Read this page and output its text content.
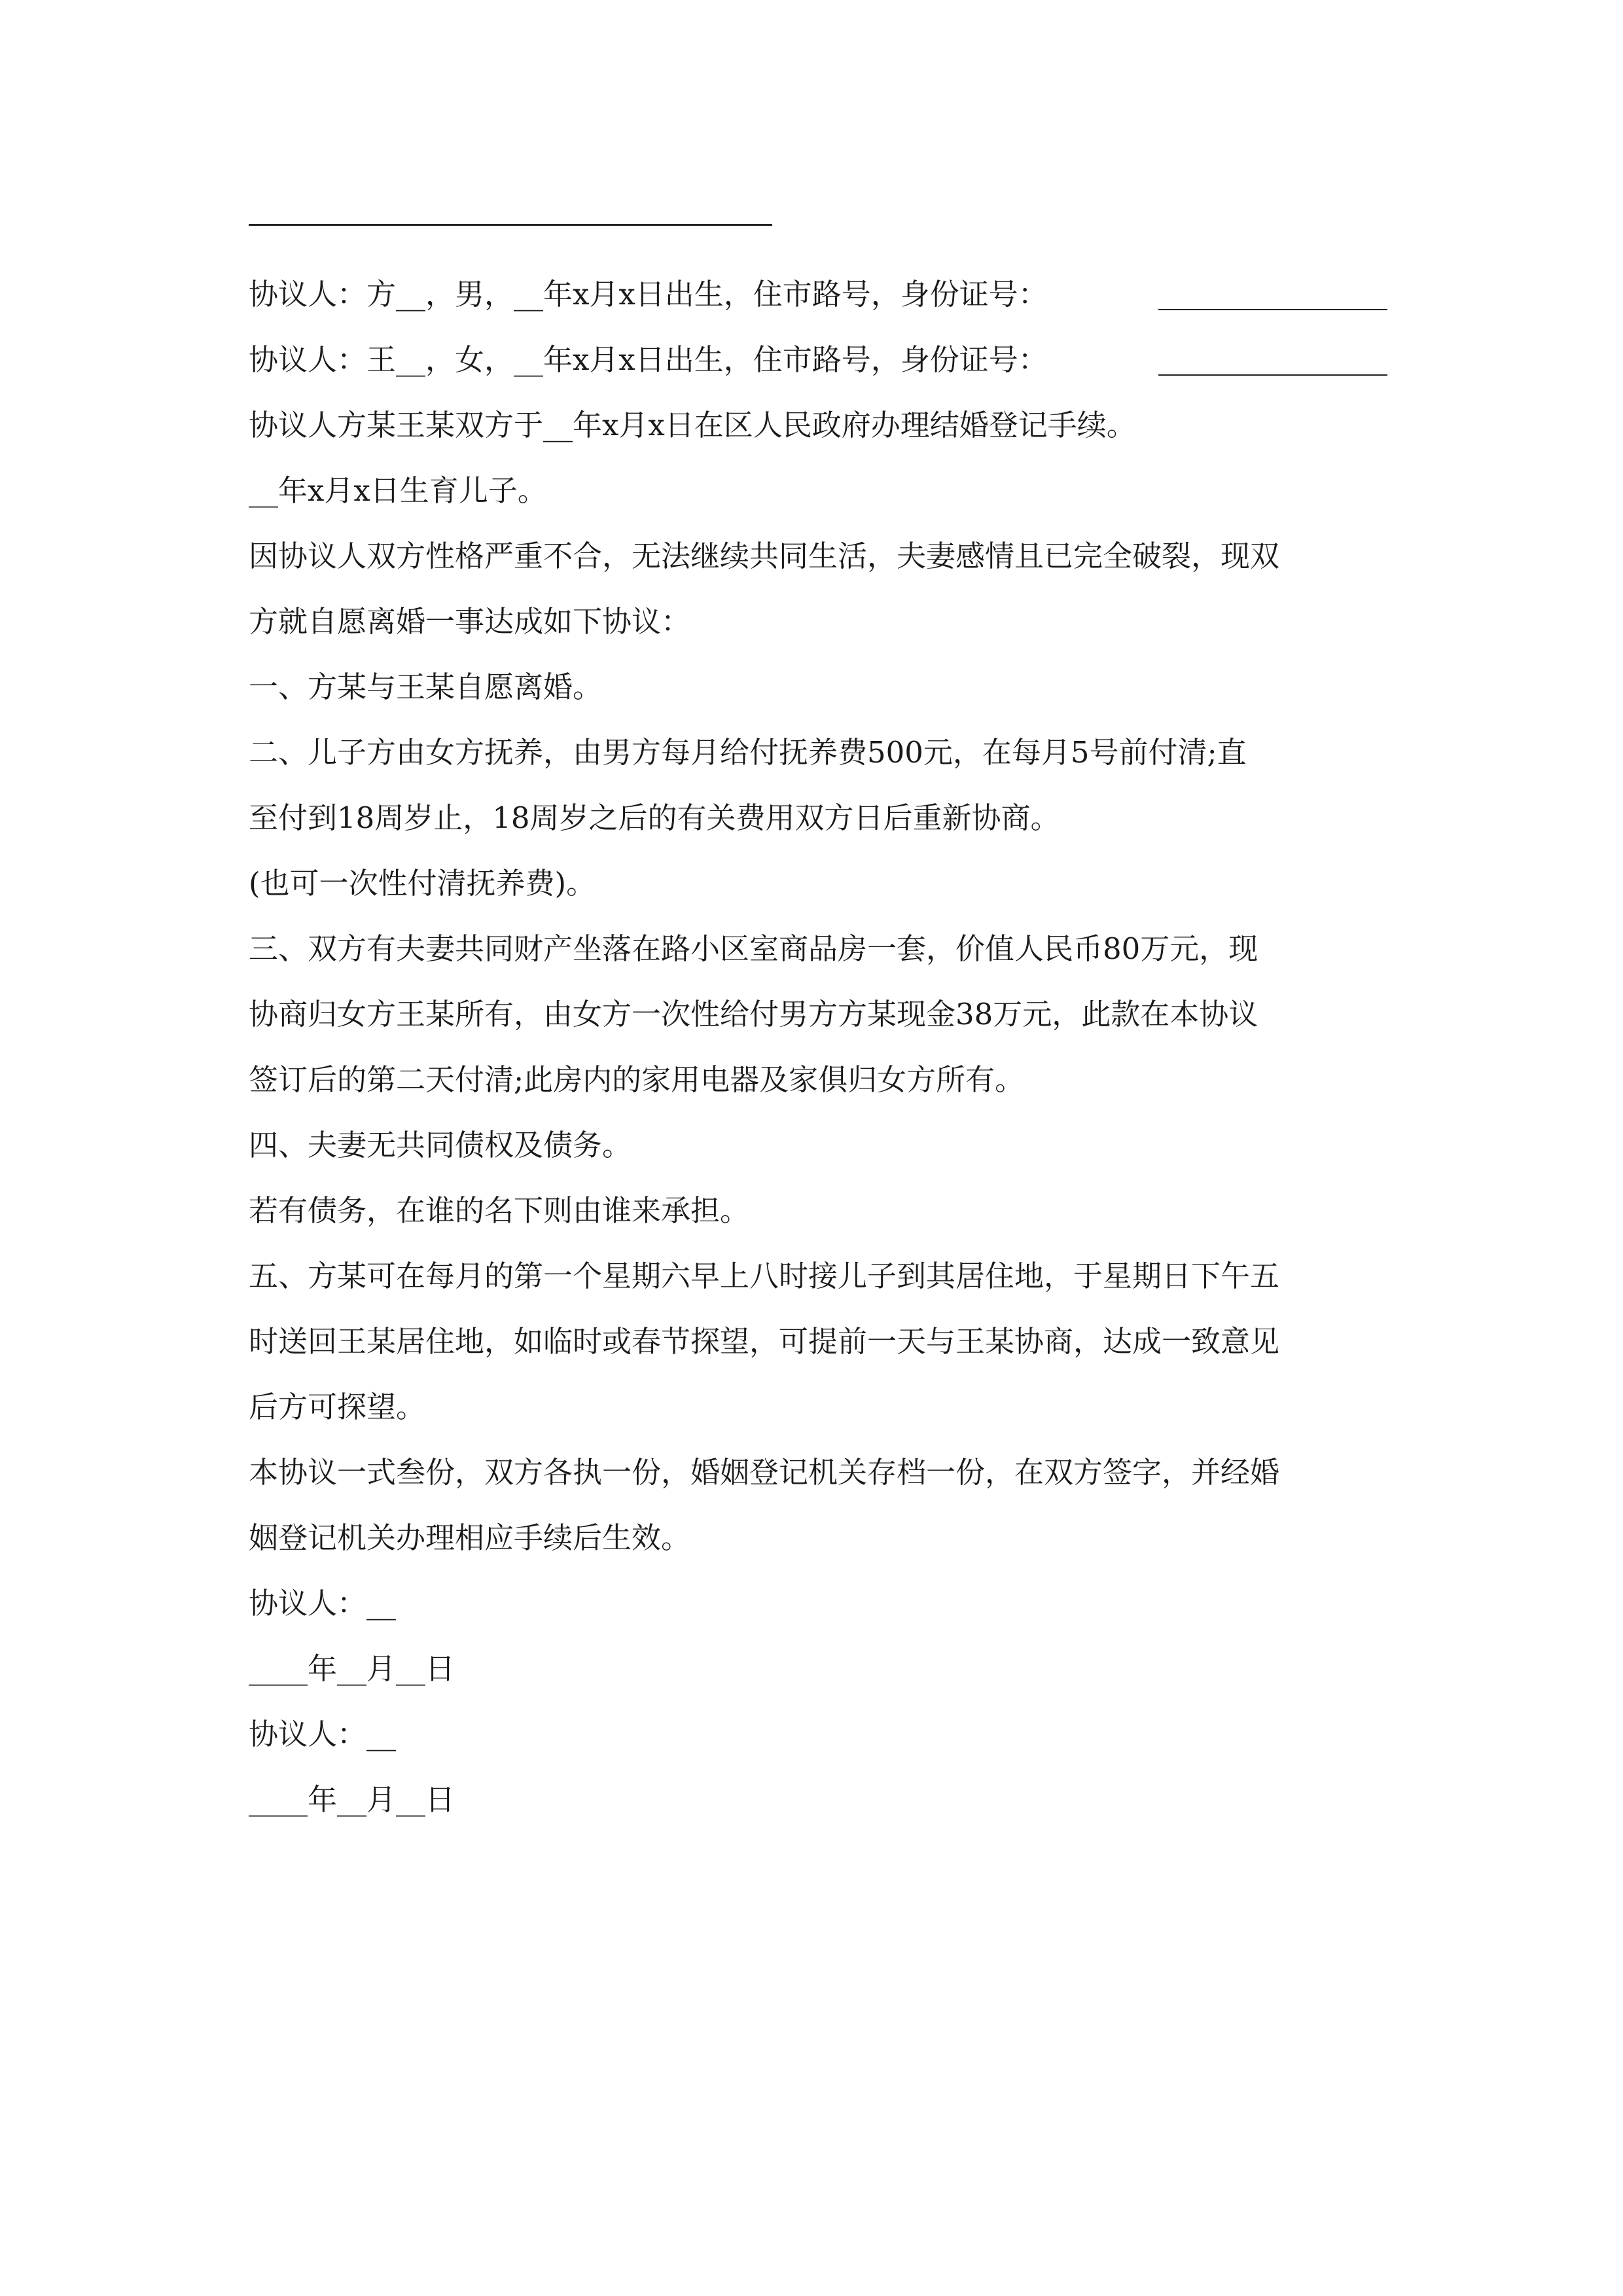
协议人：方__，男，__年x月x日出生，住市路号，身份证号：

协议人：王__，女，__年x月x日出生，住市路号，身份证号：

协议人方某王某双方于__年x月x日在区人民政府办理结婚登记手续。

__年x月x日生育儿子。

因协议人双方性格严重不合，无法继续共同生活，夫妻感情且已完全破裂，现双
方就自愿离婚一事达成如下协议：

一、方某与王某自愿离婚。

二、儿子方由女方抚养，由男方每月给付抚养费500元，在每月5号前付清;直
至付到18周岁止，18周岁之后的有关费用双方日后重新协商。

(也可一次性付清抚养费)。

三、双方有夫妻共同财产坐落在路小区室商品房一套，价值人民币80万元，现
协商归女方王某所有，由女方一次性给付男方方某现金38万元，此款在本协议
签订后的第二天付清;此房内的家用电器及家俱归女方所有。

四、夫妻无共同债权及债务。

若有债务，在谁的名下则由谁来承担。

五、方某可在每月的第一个星期六早上八时接儿子到其居住地，于星期日下午五
时送回王某居住地，如临时或春节探望，可提前一天与王某协商，达成一致意见
后方可探望。

本协议一式叁份，双方各执一份，婚姻登记机关存档一份，在双方签字，并经婚
姻登记机关办理相应手续后生效。

协议人：__

____年__月__日

协议人：__

____年__月__日
